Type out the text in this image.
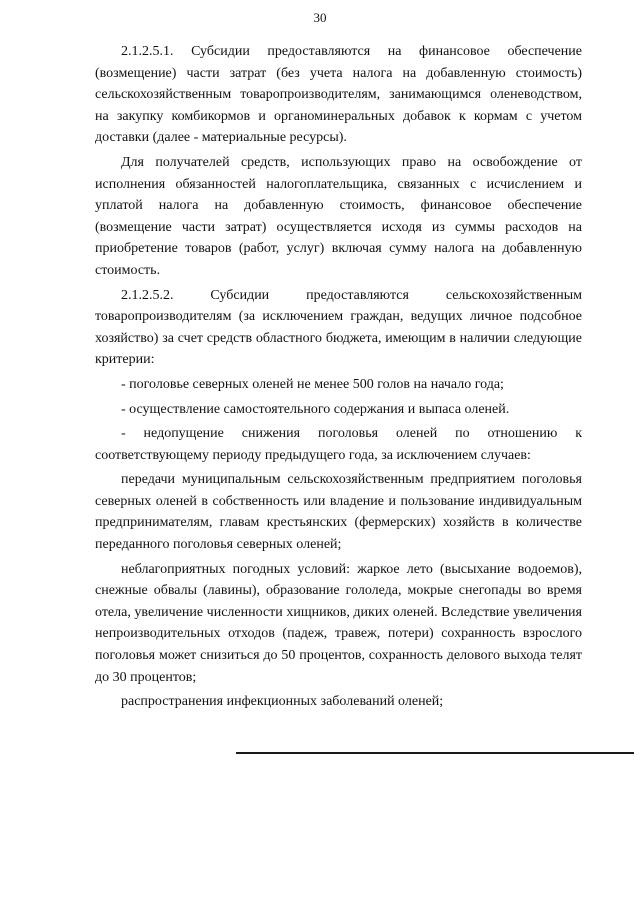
30

2.1.2.5.1. Субсидии предоставляются на финансовое обеспечение (возмещение) части затрат (без учета налога на добавленную стоимость) сельскохозяйственным товаропроизводителям, занимающимся оленеводством, на закупку комбикормов и органоминеральных добавок к кормам с учетом доставки (далее - материальные ресурсы).

Для получателей средств, использующих право на освобождение от исполнения обязанностей налогоплательщика, связанных с исчислением и уплатой налога на добавленную стоимость, финансовое обеспечение (возмещение части затрат) осуществляется исходя из суммы расходов на приобретение товаров (работ, услуг) включая сумму налога на добавленную стоимость.

2.1.2.5.2. Субсидии предоставляются сельскохозяйственным товаропроизводителям (за исключением граждан, ведущих личное подсобное хозяйство) за счет средств областного бюджета, имеющим в наличии следующие критерии:

- поголовье северных оленей не менее 500 голов на начало года;

- осуществление самостоятельного содержания и выпаса оленей.

- недопущение снижения поголовья оленей по отношению к соответствующему периоду предыдущего года, за исключением случаев:

передачи муниципальным сельскохозяйственным предприятием поголовья северных оленей в собственность или владение и пользование индивидуальным предпринимателям, главам крестьянских (фермерских) хозяйств в количестве переданного поголовья северных оленей;

неблагоприятных погодных условий: жаркое лето (высыхание водоемов), снежные обвалы (лавины), образование гололеда, мокрые снегопады во время отела, увеличение численности хищников, диких оленей. Вследствие увеличения непроизводительных отходов (падеж, травеж, потери) сохранность взрослого поголовья может снизиться до 50 процентов, сохранность делового выхода телят до 30 процентов;

распространения инфекционных заболеваний оленей;
